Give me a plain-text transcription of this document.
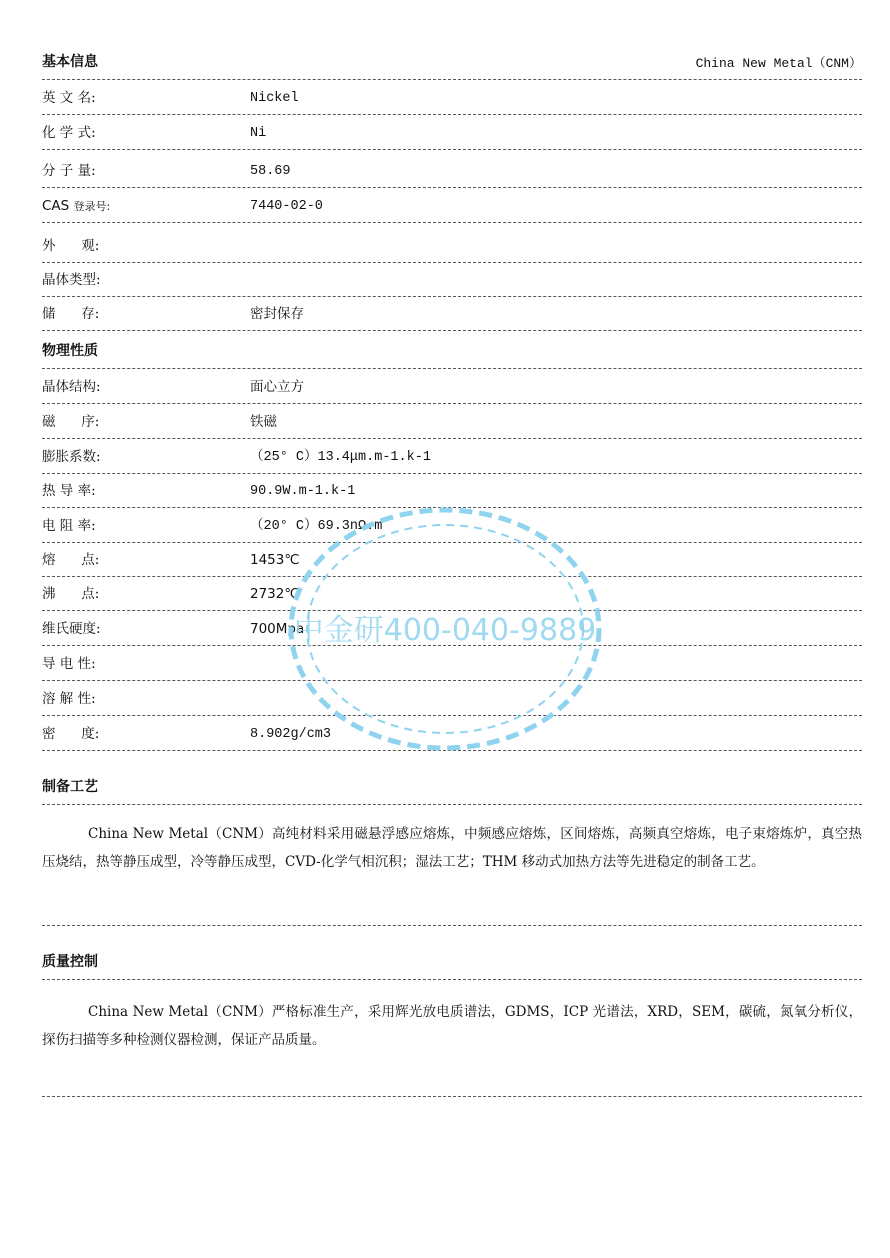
基本信息	China New Metal（CNM）
英 文 名:	Nickel
化 学 式:	Ni
分 子 量:	58.69
CAS 登录号:	7440-02-0
外      观:
晶体类型:
储      存:	密封保存
物理性质
晶体结构:	面心立方
磁      序:	铁磁
膨胀系数:	（25° C）13.4μm.m-1.k-1
热 导 率:	90.9W.m-1.k-1
电 阻 率:	（20° C）69.3nΩ.m
熔      点:	1453℃
沸      点:	2732℃
维氏硬度:	700Mpa
导 电 性:
溶 解 性:
密      度:	8.902g/cm3
制备工艺

China New Metal（CNM）高纯材料采用磁悬浮感应熔炼，中频感应熔炼，区间熔炼，高频真空熔炼，电子束熔炼炉，真空热压烧结，热等静压成型，冷等静压成型，CVD-化学气相沉积；湿法工艺；THM 移动式加热方法等先进稳定的制备工艺。

质量控制

China New Metal（CNM）严格标准生产，采用辉光放电质谱法，GDMS，ICP 光谱法，XRD，SEM，碳硫，氮氧分析仪，探伤扫描等多种检测仪器检测，保证产品质量。

中金研400-040-9889
